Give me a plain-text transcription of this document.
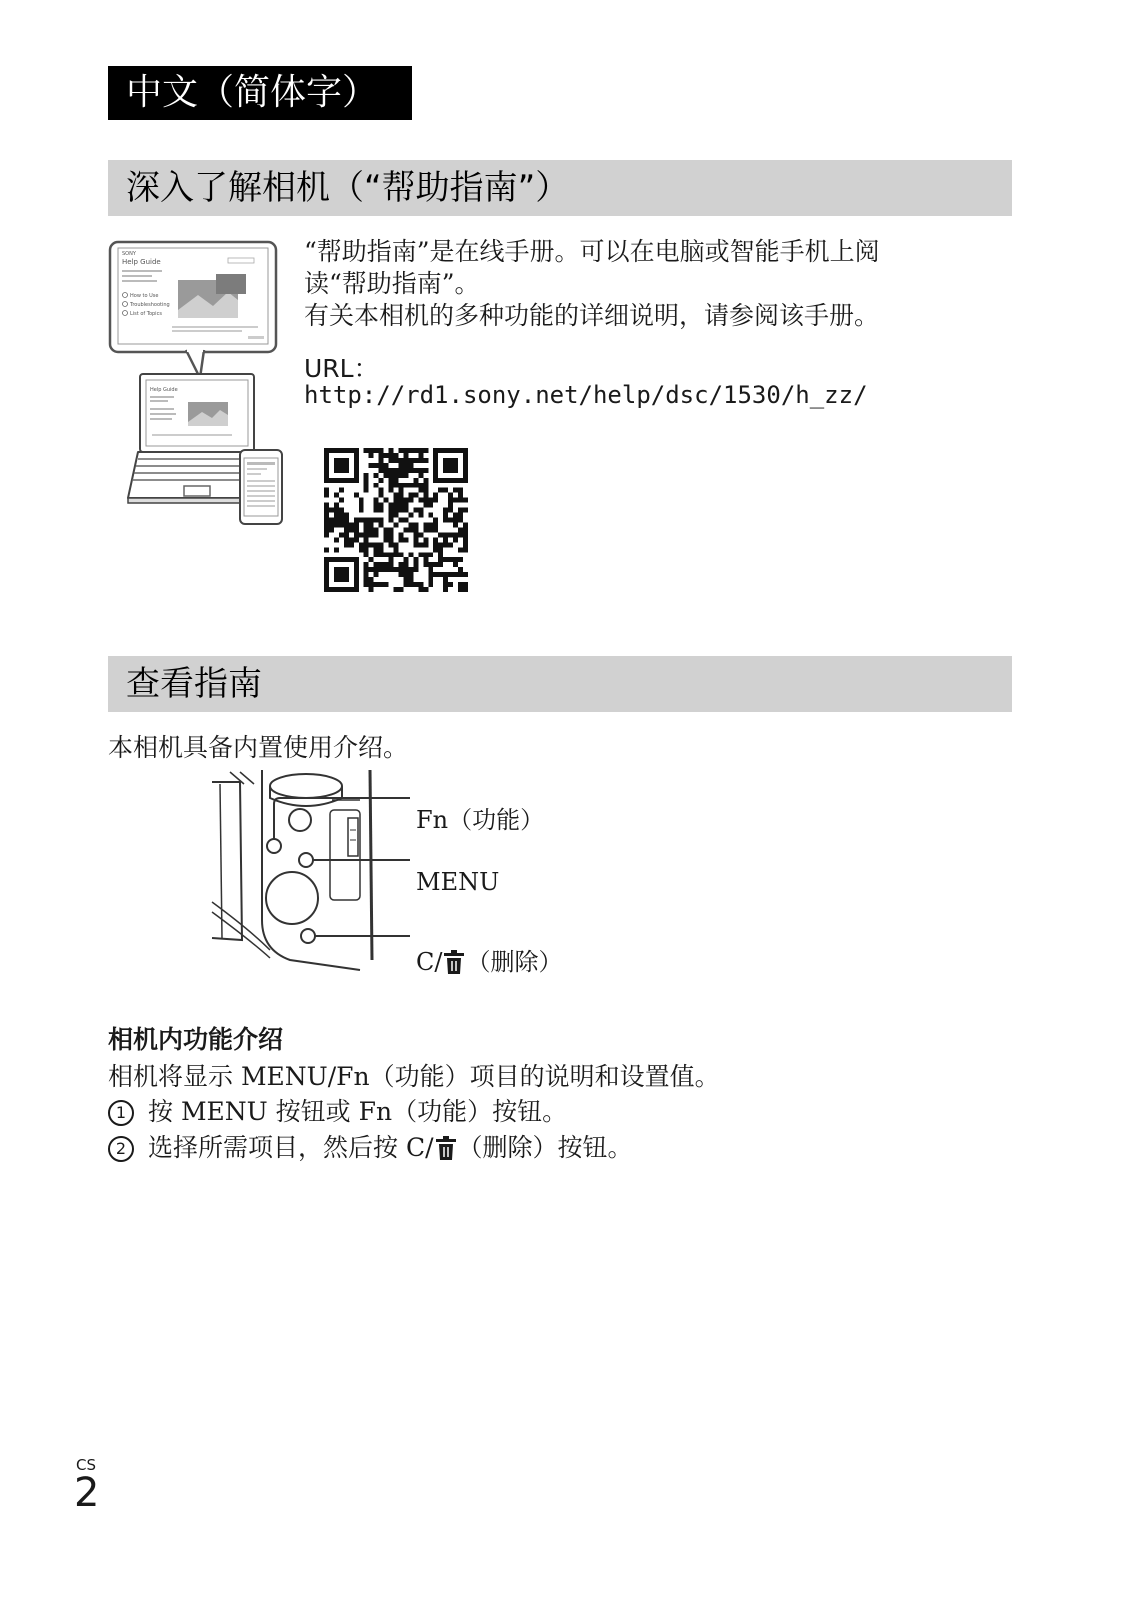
中文（简体字）
深入了解相机（“帮助指南”）
SONY
Help Guide
How to Use
Troubleshooting
List of Topics
Help Guide
“帮助指南”是在线手册。可以在电脑或智能手机上阅
读“帮助指南”。
有关本相机的多种功能的详细说明，请参阅该手册。
URL：
http://rd1.sony.net/help/dsc/1530/h_zz/
查看指南
本相机具备内置使用介绍。
Fn（功能）
MENU
C/ （删除）
相机内功能介绍
相机将显示 MENU/Fn（功能）项目的说明和设置值。
1 按 MENU 按钮或 Fn（功能）按钮。
2 选择所需项目，然后按 C/ （删除）按钮。
CS
2
